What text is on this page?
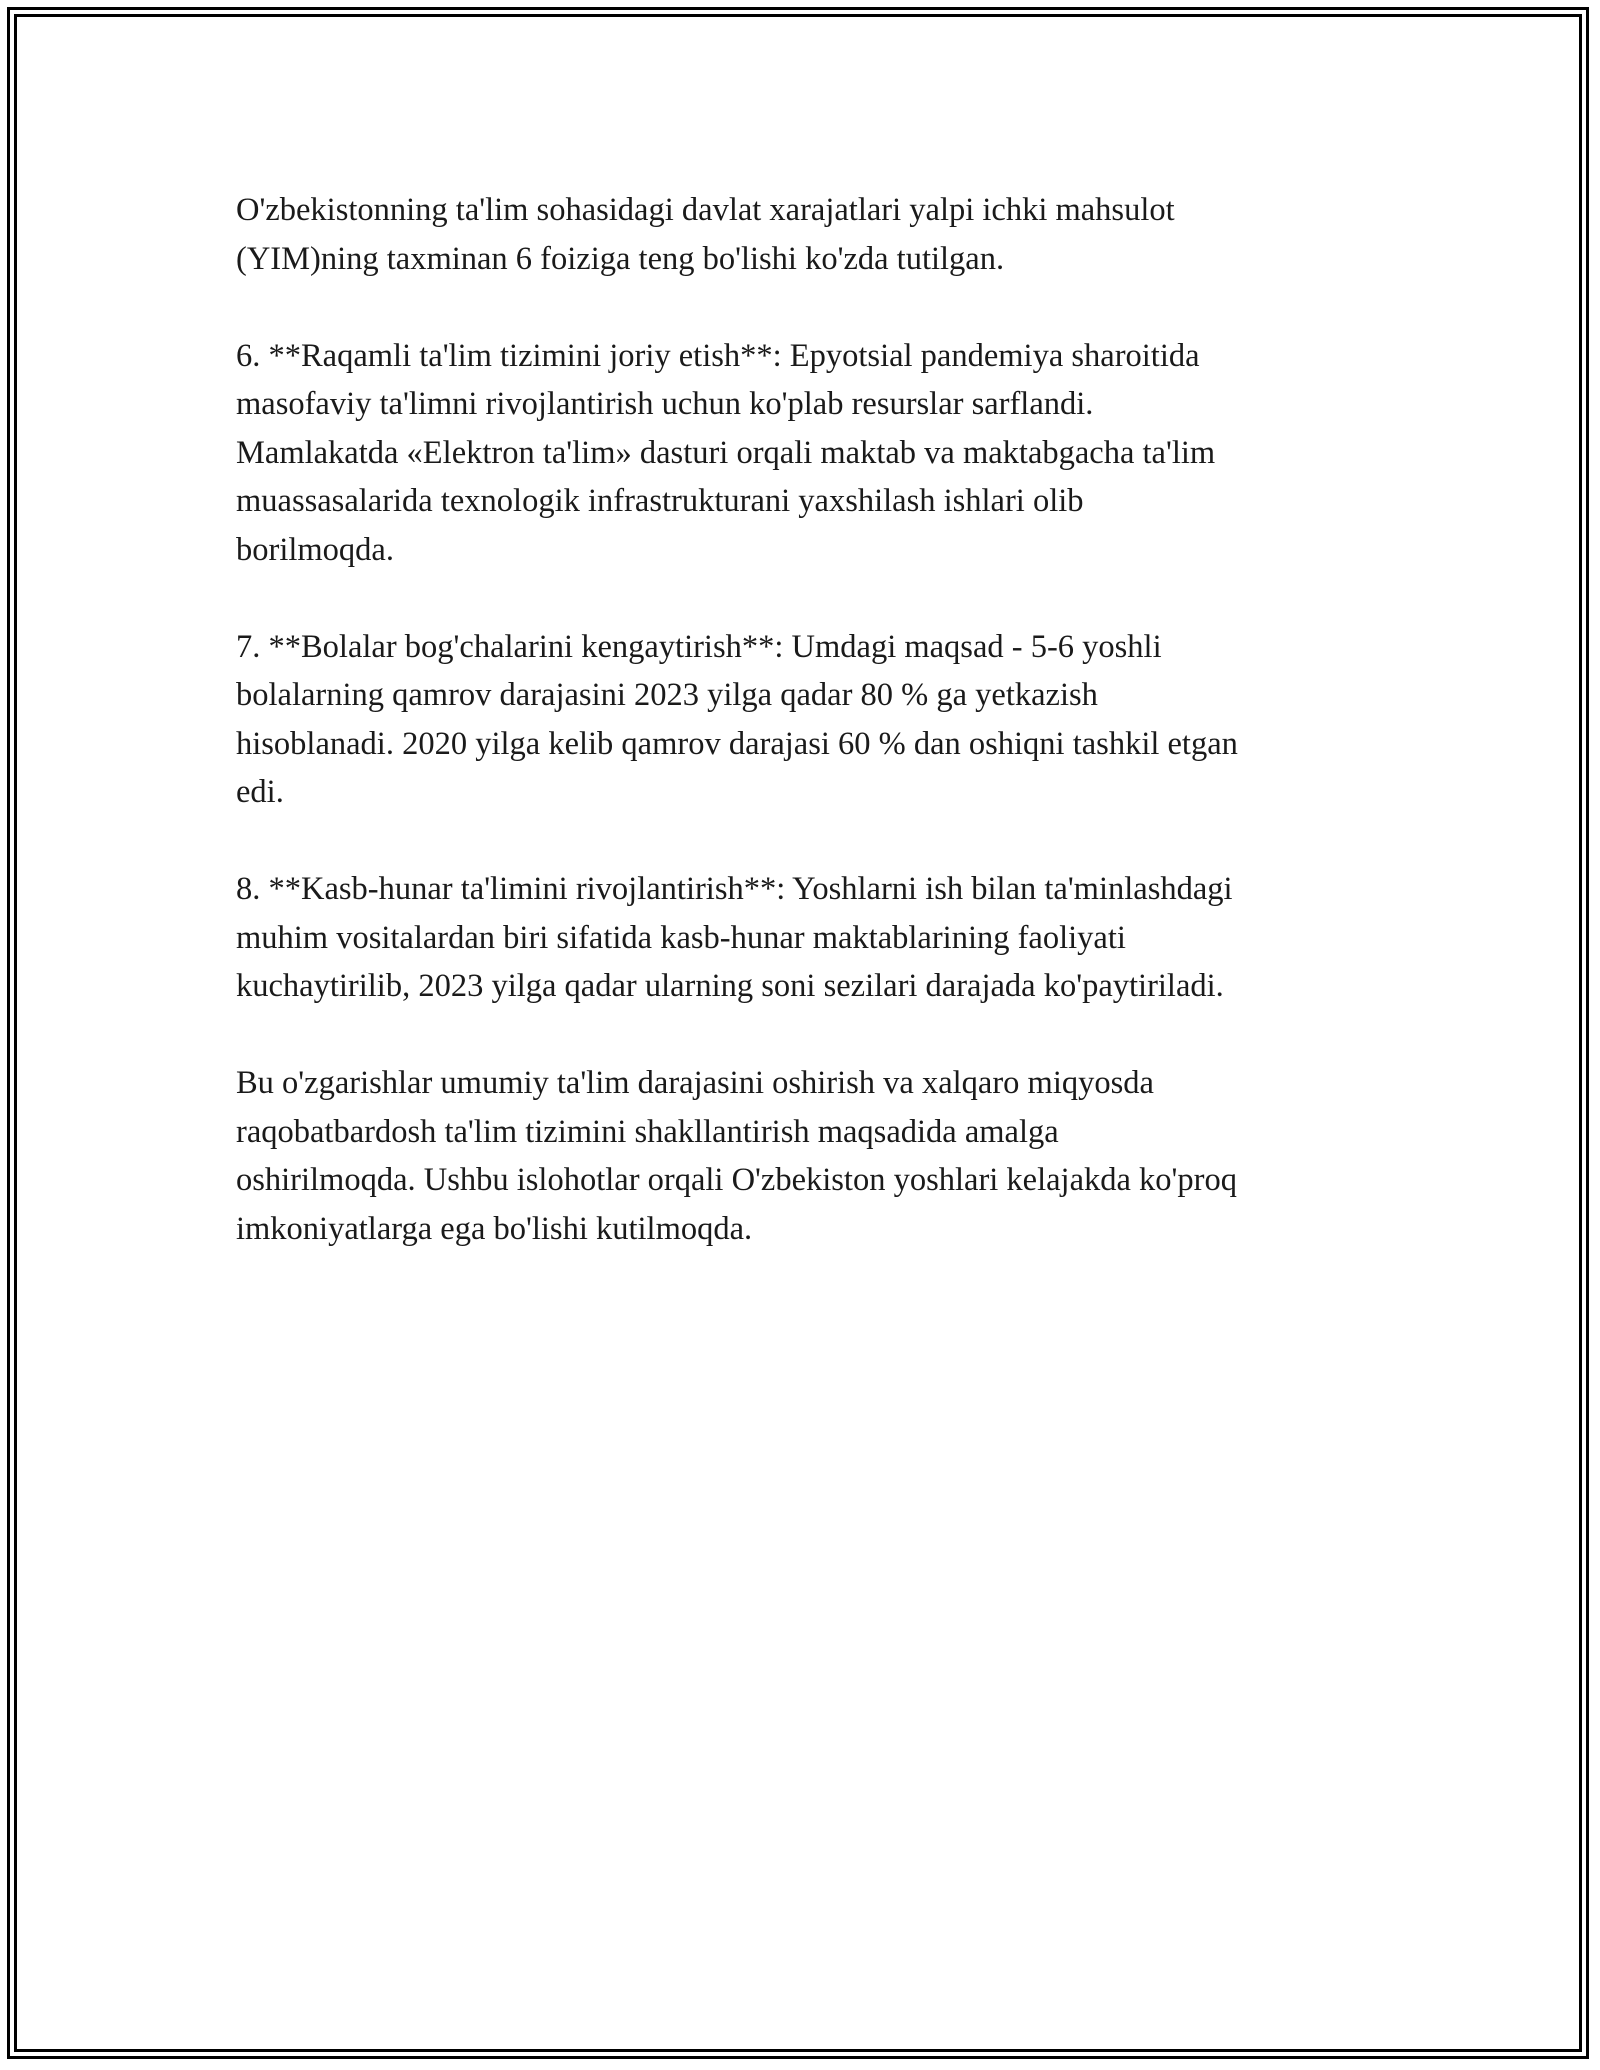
O'zbekistonning ta'lim sohasidagi davlat xarajatlari yalpi ichki mahsulot
(YIM)ning taxminan 6 foiziga teng bo'lishi ko'zda tutilgan.

6. **Raqamli ta'lim tizimini joriy etish**: Epyotsial pandemiya sharoitida
masofaviy ta'limni rivojlantirish uchun ko'plab resurslar sarflandi.
Mamlakatda «Elektron ta'lim» dasturi orqali maktab va maktabgacha ta'lim
muassasalarida texnologik infrastrukturani yaxshilash ishlari olib
borilmoqda.

7. **Bolalar bog'chalarini kengaytirish**: Umdagi maqsad - 5-6 yoshli
bolalarning qamrov darajasini 2023 yilga qadar 80 % ga yetkazish
hisoblanadi. 2020 yilga kelib qamrov darajasi 60 % dan oshiqni tashkil etgan
edi.

8. **Kasb-hunar ta'limini rivojlantirish**: Yoshlarni ish bilan ta'minlashdagi
muhim vositalardan biri sifatida kasb-hunar maktablarining faoliyati
kuchaytirilib, 2023 yilga qadar ularning soni sezilari darajada ko'paytiriladi.

Bu o'zgarishlar umumiy ta'lim darajasini oshirish va xalqaro miqyosda
raqobatbardosh ta'lim tizimini shakllantirish maqsadida amalga
oshirilmoqda. Ushbu islohotlar orqali O'zbekiston yoshlari kelajakda ko'proq
imkoniyatlarga ega bo'lishi kutilmoqda.
